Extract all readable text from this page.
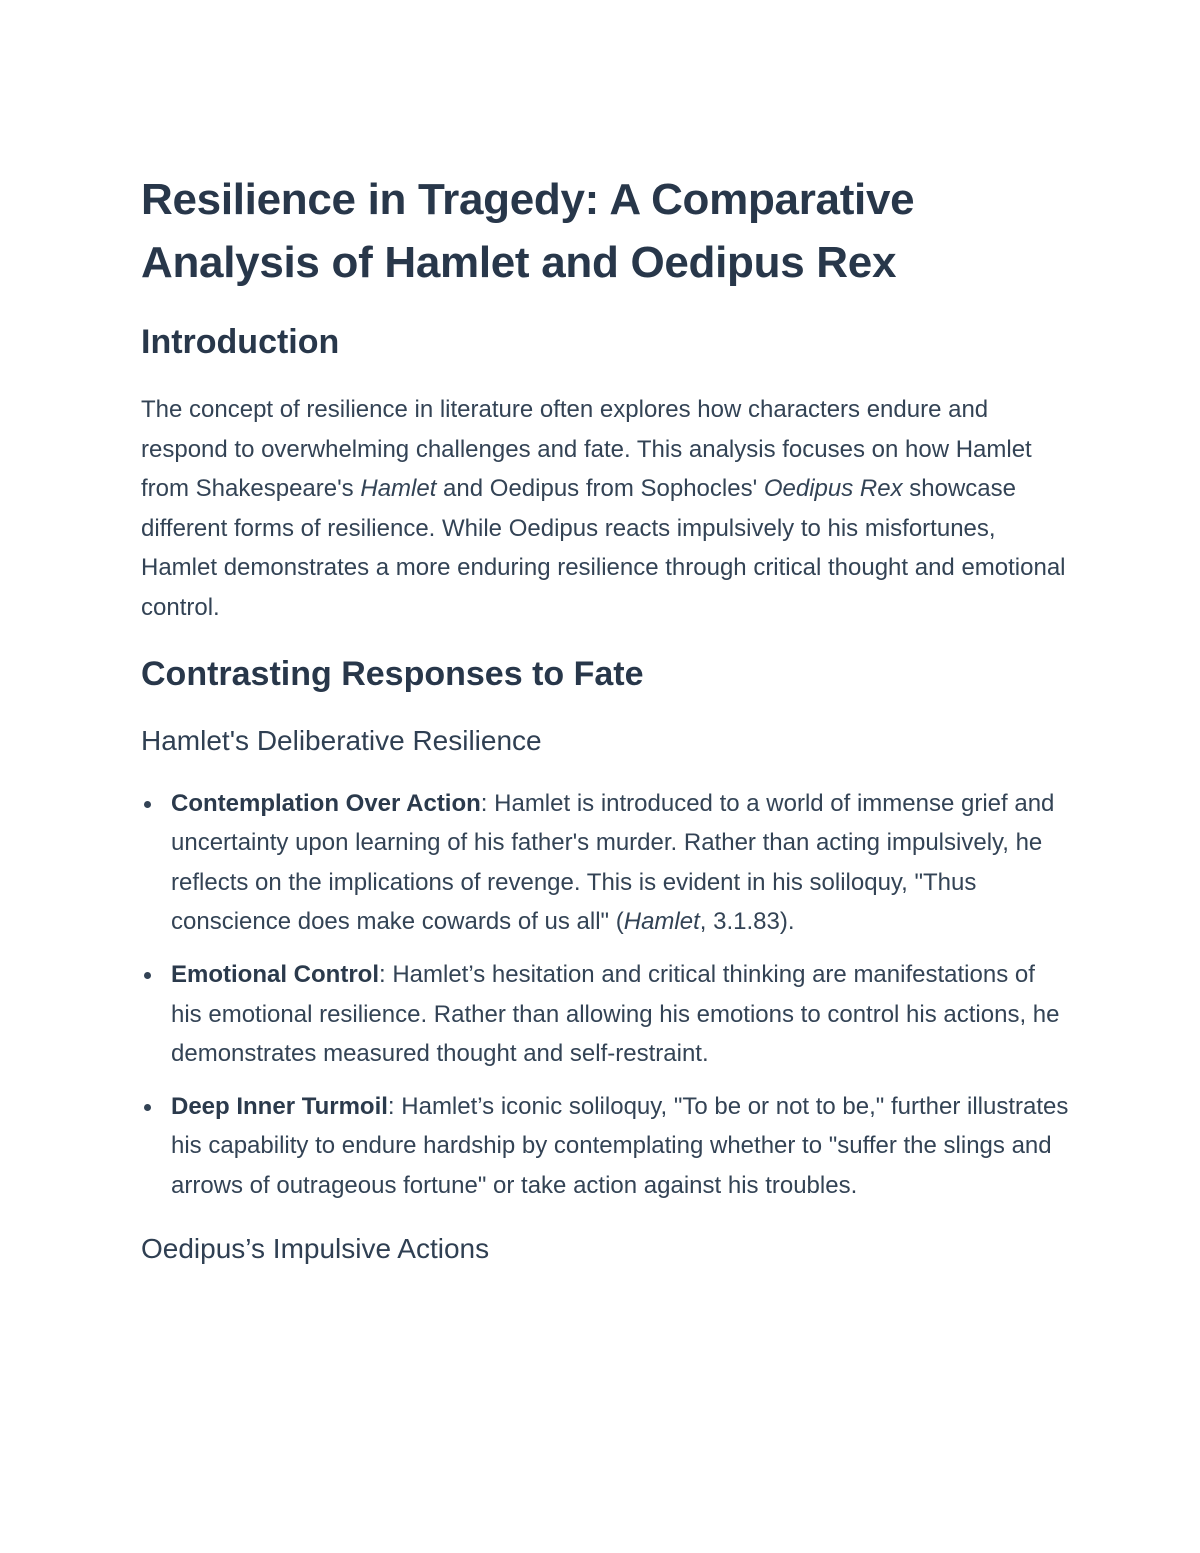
Resilience in Tragedy: A Comparative Analysis of Hamlet and Oedipus Rex
Introduction

The concept of resilience in literature often explores how characters endure and respond to overwhelming challenges and fate. This analysis focuses on how Hamlet from Shakespeare's Hamlet and Oedipus from Sophocles' Oedipus Rex showcase different forms of resilience. While Oedipus reacts impulsively to his misfortunes, Hamlet demonstrates a more enduring resilience through critical thought and emotional control.

Contrasting Responses to Fate
Hamlet's Deliberative Resilience
Contemplation Over Action: Hamlet is introduced to a world of immense grief and uncertainty upon learning of his father's murder. Rather than acting impulsively, he reflects on the implications of revenge. This is evident in his soliloquy, "Thus conscience does make cowards of us all" (Hamlet, 3.1.83).
Emotional Control: Hamlet’s hesitation and critical thinking are manifestations of his emotional resilience. Rather than allowing his emotions to control his actions, he demonstrates measured thought and self-restraint.
Deep Inner Turmoil: Hamlet’s iconic soliloquy, "To be or not to be," further illustrates his capability to endure hardship by contemplating whether to "suffer the slings and arrows of outrageous fortune" or take action against his troubles.
Oedipus’s Impulsive Actions
